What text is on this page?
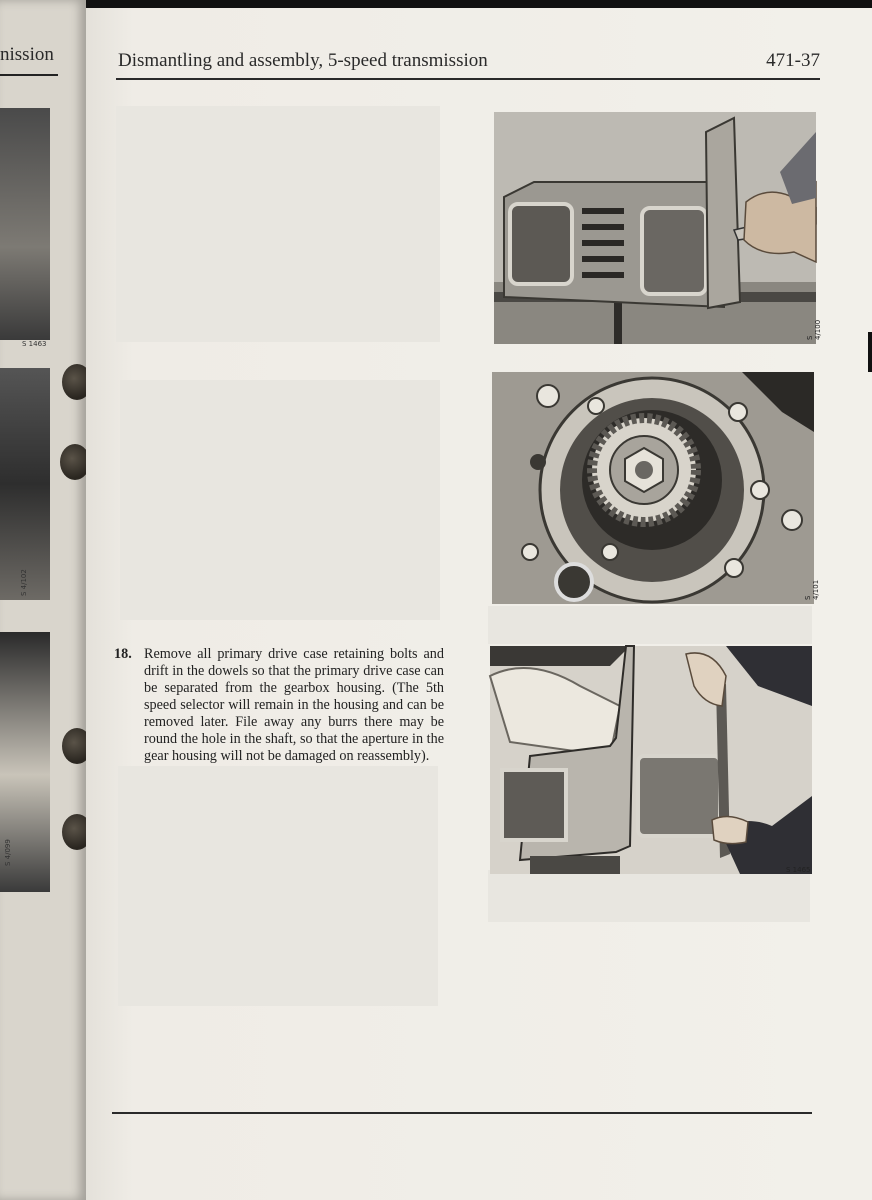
nission
S 1463
S 4/102
S 4/099
Dismantling and assembly, 5-speed transmission	471-37
S 4/100
S 4/101
S 1465
18. Remove all primary drive case retaining bolts and drift in the dowels so that the primary drive case can be separated from the gearbox housing. (The 5th speed selector will remain in the housing and can be removed later. File away any burrs there may be round the hole in the shaft, so that the aperture in the gear housing will not be damaged on reassembly).
